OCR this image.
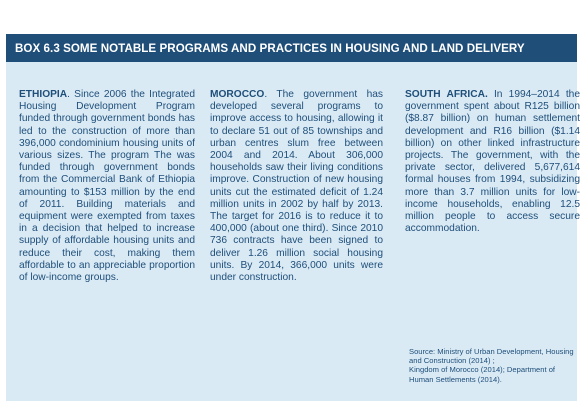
BOX 6.3 SOME NOTABLE PROGRAMS AND PRACTICES IN HOUSING AND LAND DELIVERY
ETHIOPIA. Since 2006 the Integrated Housing Development Program funded through government bonds has led to the construction of more than 396,000 condominium housing units of various sizes. The program The was funded through government bonds from the Commercial Bank of Ethiopia amounting to $153 million by the end of 2011. Building materials and equipment were exempted from taxes in a decision that helped to increase supply of affordable housing units and reduce their cost, making them affordable to an appreciable proportion of low-income groups.
MOROCCO. The government has developed several programs to improve access to housing, allowing it to declare 51 out of 85 townships and urban centres slum free between 2004 and 2014. About 306,000 households saw their living conditions improve. Construction of new housing units cut the estimated deficit of 1.24 million units in 2002 by half by 2013. The target for 2016 is to reduce it to 400,000 (about one third). Since 2010 736 contracts have been signed to deliver 1.26 million social housing units. By 2014, 366,000 units were under construction.
SOUTH AFRICA. In 1994–2014 the government spent about R125 billion ($8.87 billion) on human settlement development and R16 billion ($1.14 billion) on other linked infrastructure projects. The government, with the private sector, delivered 5,677,614 formal houses from 1994, subsidizing more than 3.7 million units for low-income households, enabling 12.5 million people to access secure accommodation.
Source: Ministry of Urban Development, Housing and Construction (2014) ;
Kingdom of Morocco (2014); Department of Human Settlements (2014).
